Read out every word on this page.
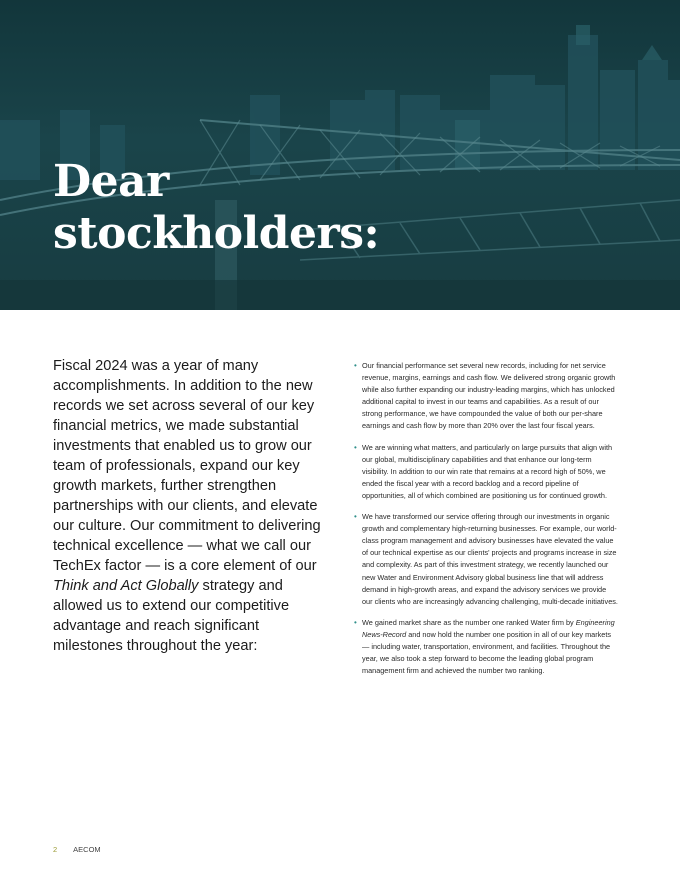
Dear
stockholders:
Fiscal 2024 was a year of many accomplishments. In addition to the new records we set across several of our key financial metrics, we made substantial investments that enabled us to grow our team of professionals, expand our key growth markets, further strengthen partnerships with our clients, and elevate our culture. Our commitment to delivering technical excellence — what we call our TechEx factor — is a core element of our Think and Act Globally strategy and allowed us to extend our competitive advantage and reach significant milestones throughout the year:
• Our financial performance set several new records, including for net service revenue, margins, earnings and cash flow. We delivered strong organic growth while also further expanding our industry-leading margins, which has unlocked additional capital to invest in our teams and capabilities. As a result of our strong performance, we have compounded the value of both our per-share earnings and cash flow by more than 20% over the last four fiscal years.
• We are winning what matters, and particularly on large pursuits that align with our global, multidisciplinary capabilities and that enhance our long-term visibility. In addition to our win rate that remains at a record high of 50%, we ended the fiscal year with a record backlog and a record pipeline of opportunities, all of which combined are positioning us for continued growth.
• We have transformed our service offering through our investments in organic growth and complementary high-returning businesses. For example, our world-class program management and advisory businesses have elevated the value of our technical expertise as our clients' projects and programs increase in size and complexity. As part of this investment strategy, we recently launched our new Water and Environment Advisory global business line that will address demand in high-growth areas, and expand the advisory services we provide our clients who are increasingly advancing challenging, multi-decade initiatives.
• We gained market share as the number one ranked Water firm by Engineering News-Record and now hold the number one position in all of our key markets — including water, transportation, environment, and facilities. Throughout the year, we also took a step forward to become the leading global program management firm and achieved the number two ranking.
2 AECOM
